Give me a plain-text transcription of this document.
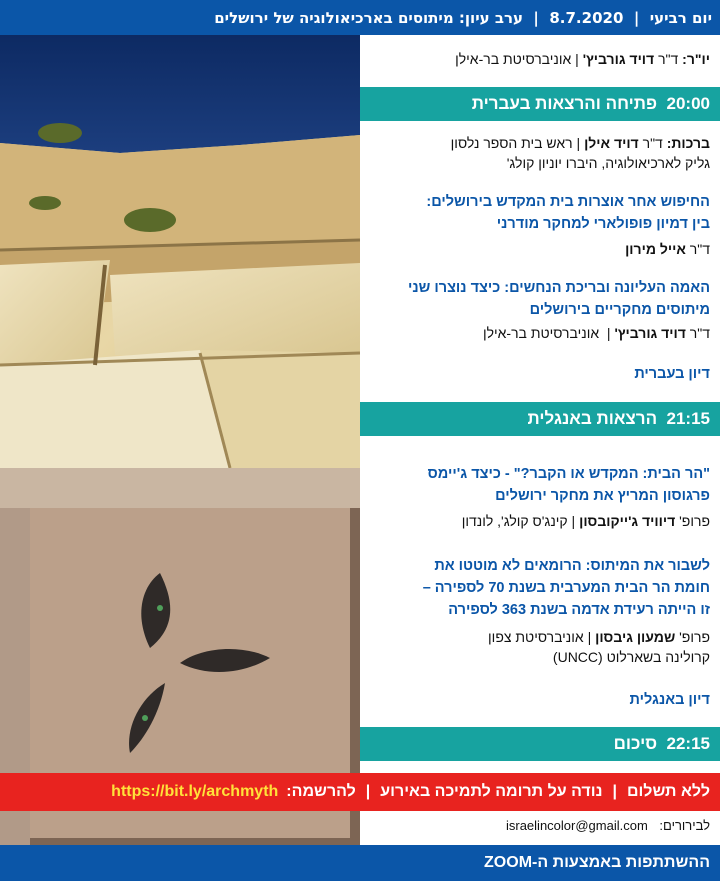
יום רביעי  |  8.7.2020  |  ערב עיון: מיתוסים בארכיאולוגיה של ירושלים
יו"ר: ד"ר דויד גורביץ' | אוניברסיטת בר-אילן
20:00  פתיחה והרצאות בעברית
ברכות: ד"ר דויד אילן | ראש בית הספר נלסון
גליק לארכיאולוגיה, היברו יוניון קולג'
החיפוש אחר אוצרות בית המקדש בירושלים:
בין דמיון פופולארי למחקר מודרני
ד"ר אייל מירון
האמה העליונה ובריכת הנחשים: כיצד נוצרו שני
מיתוסים מחקריים בירושלים
ד"ר דויד גורביץ' |  אוניברסיטת בר-אילן
דיון בעברית
21:15  הרצאות באנגלית
"הר הבית: המקדש או הקבר?" - כיצד ג'יימס
פרגוסון המריץ את מחקר ירושלים
פרופ' דיוויד ג'ייקובסון | קינג'ס קולג', לונדון
לשבור את המיתוס: הרומאים לא מוטטו את
חומת הר הבית המערבית בשנת 70 לספירה –
זו הייתה רעידת אדמה בשנת 363 לספירה
פרופ' שמעון גיבסון | אוניברסיטת צפון
קרולינה בשארלוט (UNCC)
דיון באנגלית
22:15  סיכום
ללא תשלום
|
נודה על תרומה לתמיכה באירוע
|
להרשמה:
https://bit.ly/archmyth
לבירורים: israelincolor@gmail.com
ההשתתפות באמצעות ה-ZOOM
